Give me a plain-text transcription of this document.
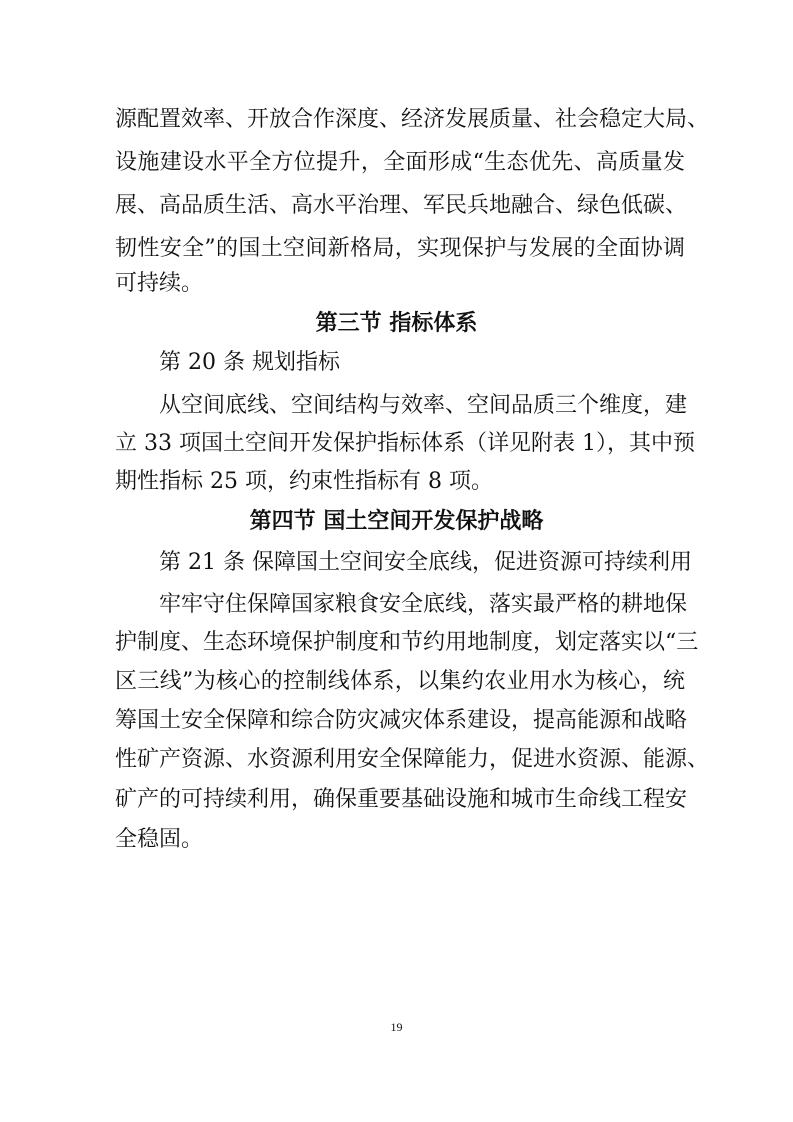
源配置效率、开放合作深度、经济发展质量、社会稳定大局、

设施建设水平全方位提升，全面形成“生态优先、高质量发

展、高品质生活、高水平治理、军民兵地融合、绿色低碳、

韧性安全”的国土空间新格局，实现保护与发展的全面协调

可持续。

第三节 指标体系
第 20 条 规划指标

从空间底线、空间结构与效率、空间品质三个维度，建

立 33 项国土空间开发保护指标体系（详见附表 1），其中预

期性指标 25 项，约束性指标有 8 项。

第四节 国土空间开发保护战略
第 21 条 保障国土空间安全底线，促进资源可持续利用

牢牢守住保障国家粮食安全底线，落实最严格的耕地保

护制度、生态环境保护制度和节约用地制度，划定落实以“三

区三线”为核心的控制线体系，以集约农业用水为核心，统

筹国土安全保障和综合防灾减灾体系建设，提高能源和战略

性矿产资源、水资源利用安全保障能力，促进水资源、能源、

矿产的可持续利用，确保重要基础设施和城市生命线工程安

全稳固。

19
